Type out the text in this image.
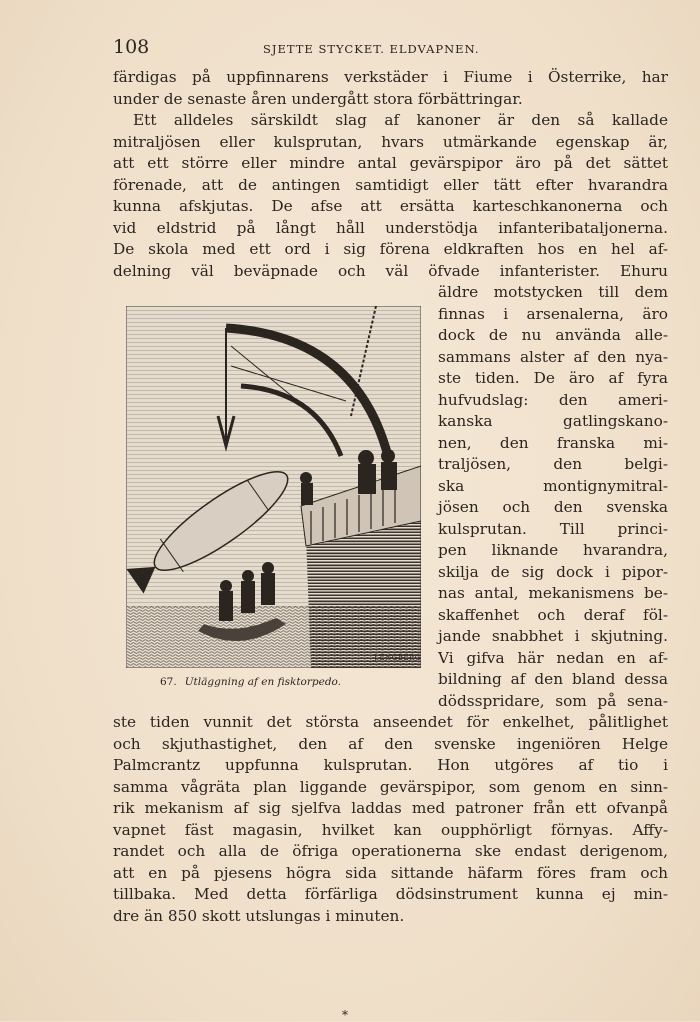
108	SJETTE STYCKET. ELDVAPNEN.
färdigas på uppfinnarens verkstäder i Fiume i Österrike, har
under de senaste åren undergått stora förbättringar.
Ett alldeles särskildt slag af kanoner är den så kallade
mitraljösen eller kulsprutan, hvars utmärkande egenskap är,
att ett större eller mindre antal gevärspipor äro på det sättet
förenade, att de antingen samtidigt eller tätt efter hvarandra
kunna afskjutas. De afse att ersätta karteschkanonerna och
vid eldstrid på långt håll understödja infanteribataljonerna.
De skola med ett ord i sig förena eldkraften hos en hel af-
delning väl beväpnade och väl öfvade infanterister. Ehuru
äldre motstycken till dem
finnas i arsenalerna, äro
dock de nu använda alle-
sammans alster af den nya-
ste tiden. De äro af fyra
hufvudslag: den ameri-
kanska gatlingskano-
nen, den franska mi-
traljösen, den belgi-
ska montignymitral-
jösen och den svenska
kulsprutan. Till princi-
pen liknande hvarandra,
skilja de sig dock i pipor-
nas antal, mekanismens be-
skaffenhet och deraf föl-
jande snabbhet i skjutning.
Vi gifva här nedan en af-
bildning af den bland dessa
dödsspridare, som på sena-
J.ENGBERG
67. Utläggning af en fisktorpedo.
ste tiden vunnit det största anseendet för enkelhet, pålitlighet
och skjuthastighet, den af den svenske ingeniören Helge
Palmcrantz uppfunna kulsprutan. Hon utgöres af tio i
samma vågräta plan liggande gevärspipor, som genom en sinn-
rik mekanism af sig sjelfva laddas med patroner från ett ofvanpå
vapnet fäst magasin, hvilket kan oupphörligt förnyas. Affy-
randet och alla de öfriga operationerna ske endast derigenom,
att en på pjesens högra sida sittande häfarm föres fram och
tillbaka. Med detta förfärliga dödsinstrument kunna ej min-
dre än 850 skott utslungas i minuten.
*
